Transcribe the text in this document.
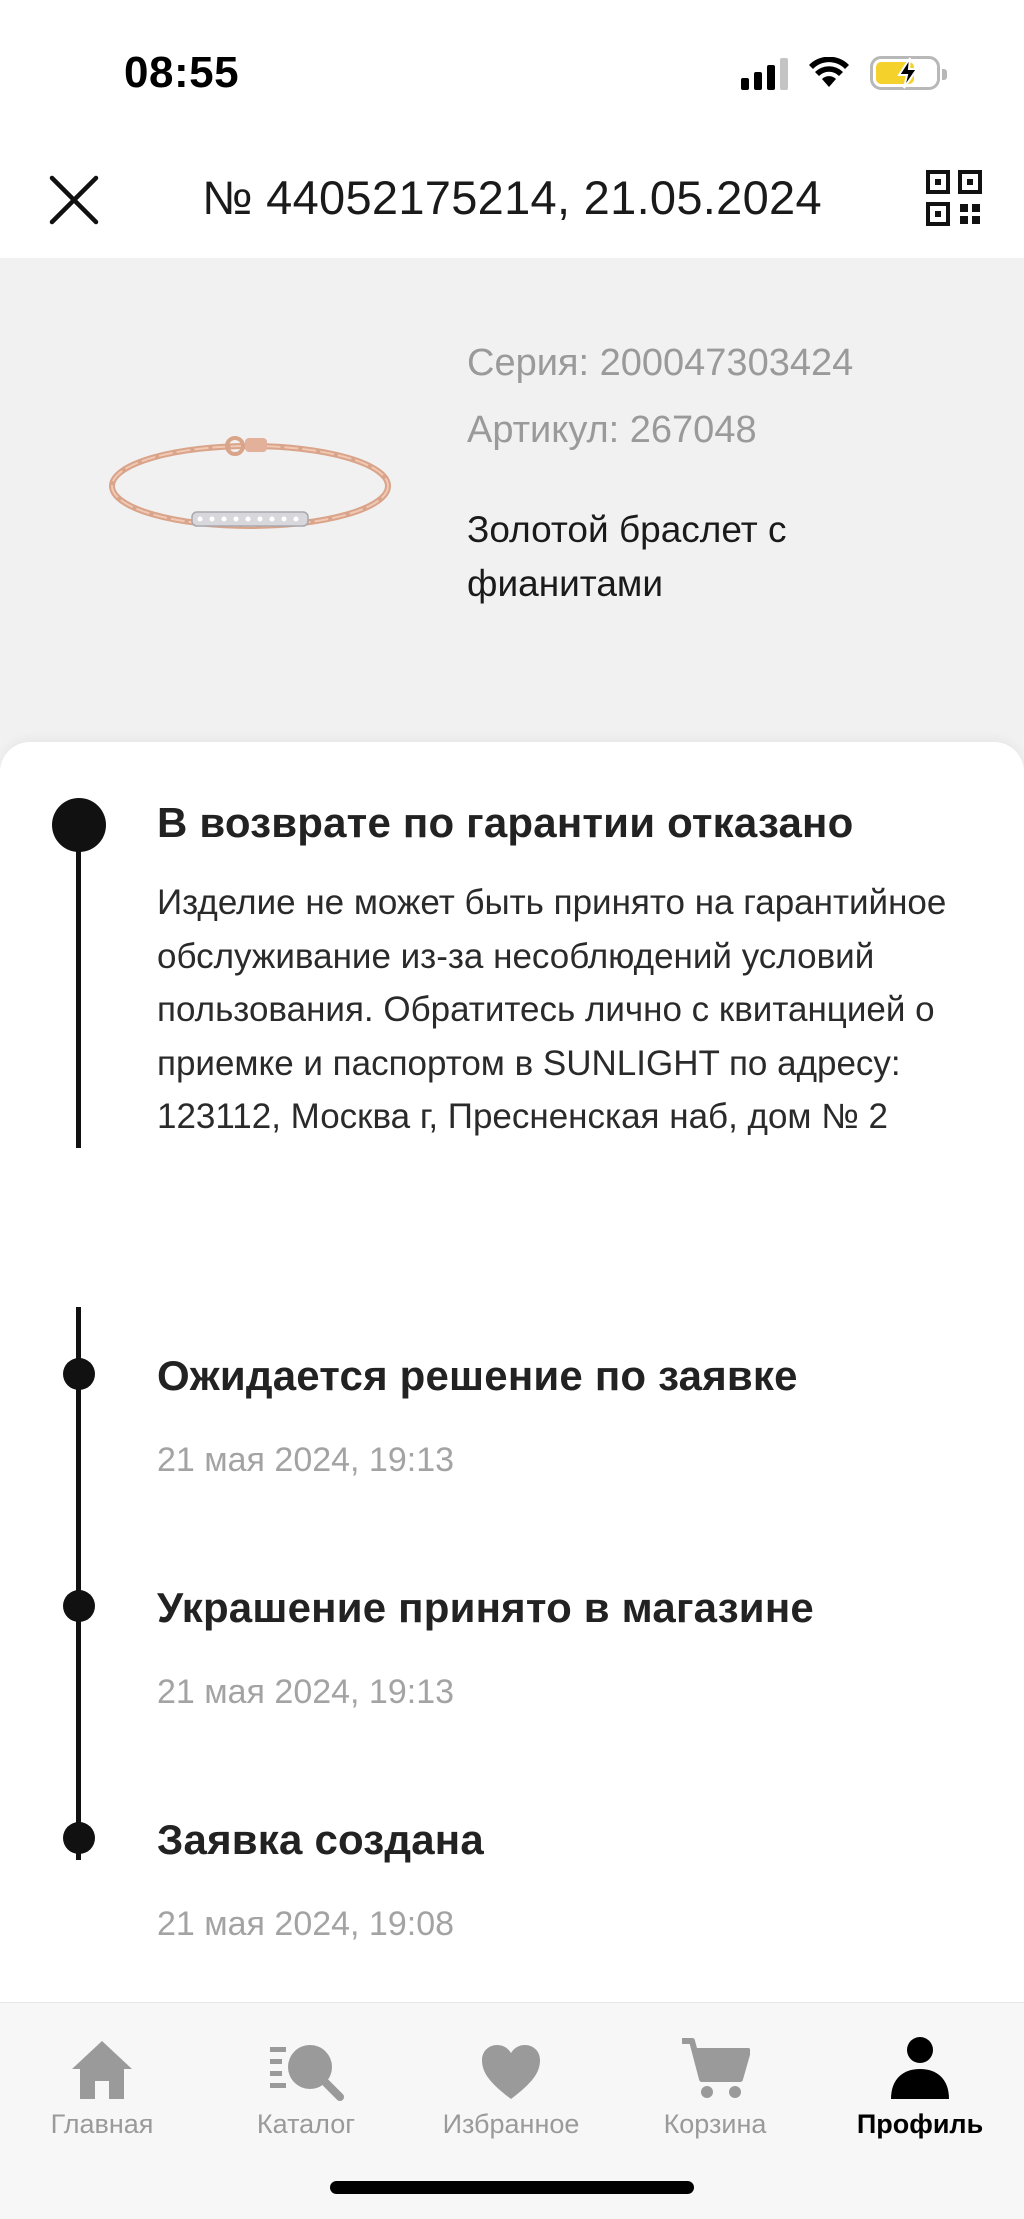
08:55
№ 44052175214, 21.05.2024
Серия: 200047303424
Артикул: 267048
Золотой браслет с фианитами
В возврате по гарантии отказано
Изделие не может быть принято на гарантийное обслуживание из-за несоблюдений условий пользования. Обратитесь лично с квитанцией о приемке и паспортом в SUNLIGHT по адресу: 123112, Москва г, Пресненская наб, дом № 2
Ожидается решение по заявке
21 мая 2024, 19:13
Украшение принято в магазине
21 мая 2024, 19:13
Заявка создана
21 мая 2024, 19:08
Главная	Каталог	Избранное	Корзина	Профиль
